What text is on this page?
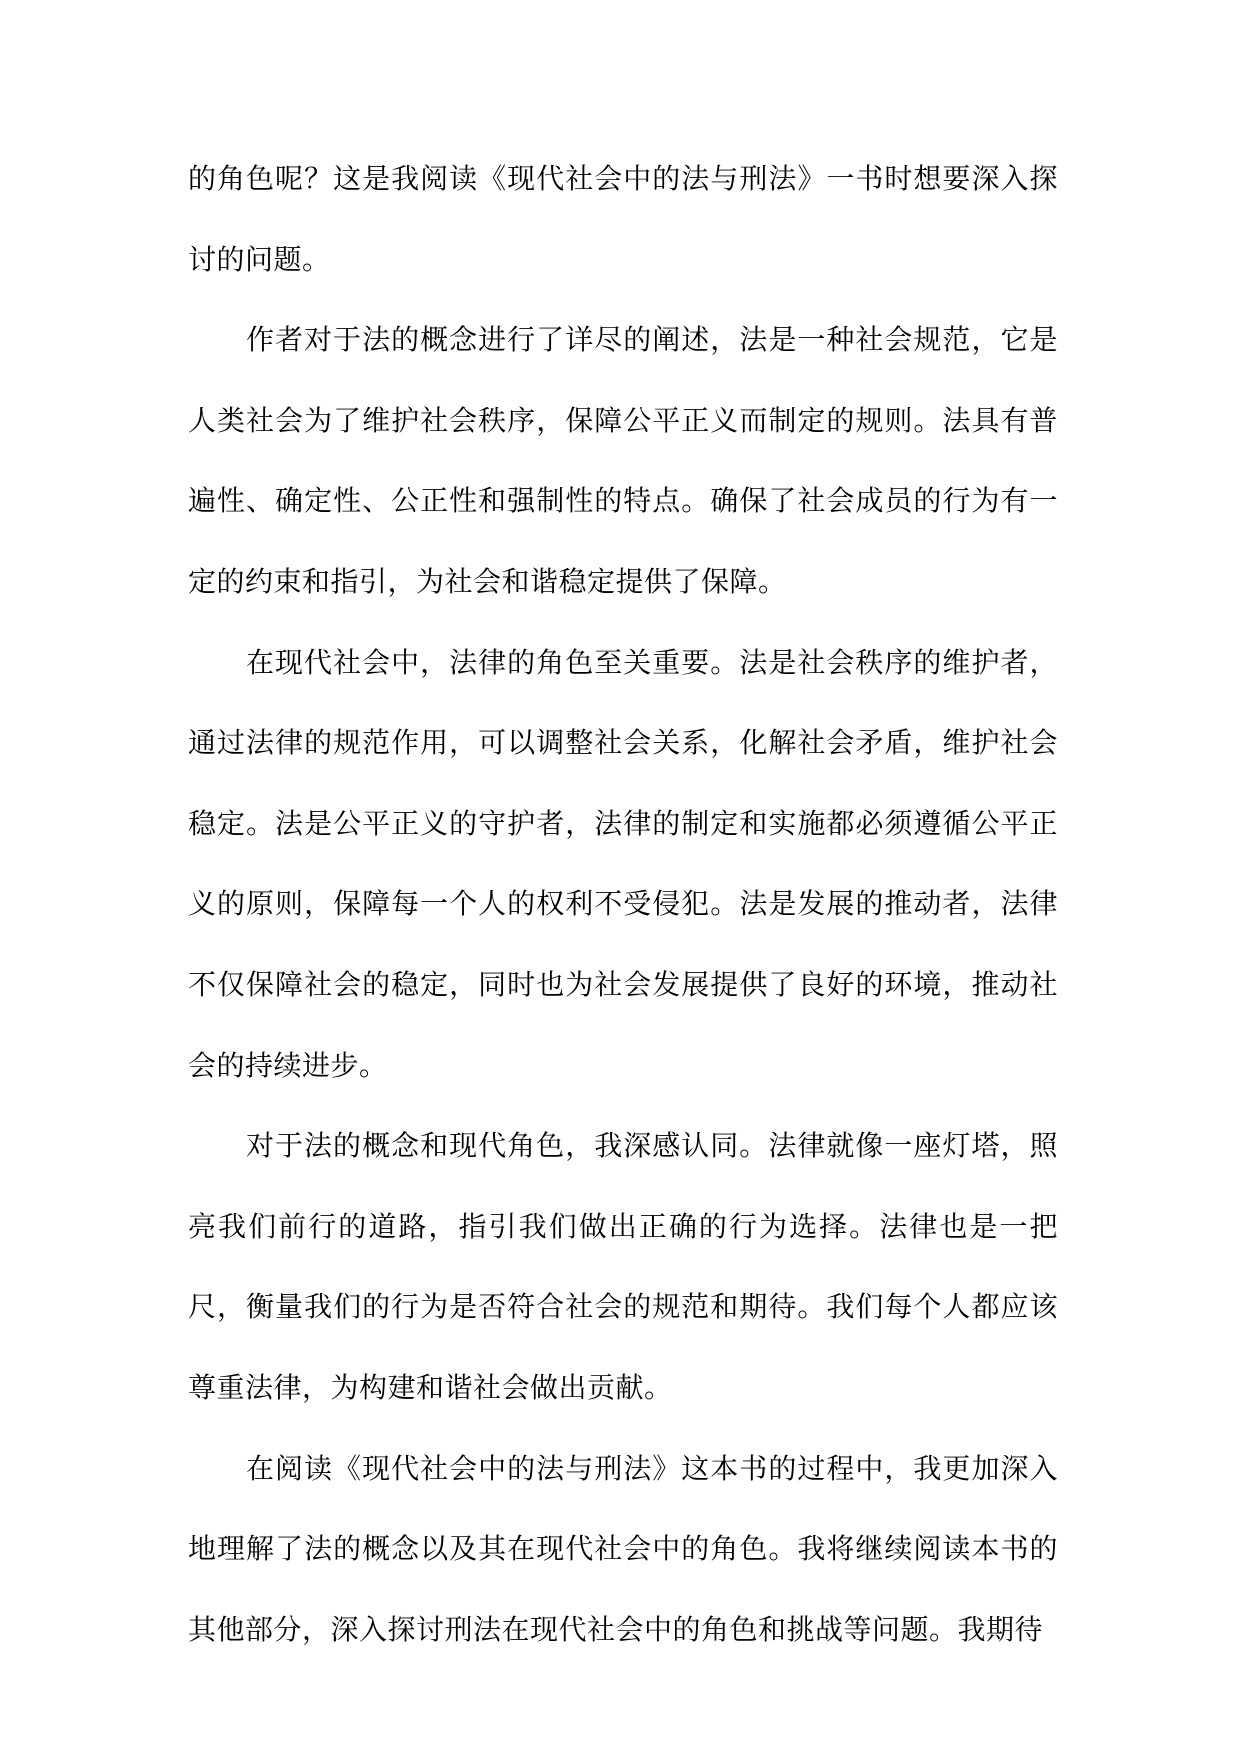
的角色呢？这是我阅读《现代社会中的法与刑法》一书时想要深入探讨的问题。

作者对于法的概念进行了详尽的阐述，法是一种社会规范，它是人类社会为了维护社会秩序，保障公平正义而制定的规则。法具有普遍性、确定性、公正性和强制性的特点。确保了社会成员的行为有一定的约束和指引，为社会和谐稳定提供了保障。

在现代社会中，法律的角色至关重要。法是社会秩序的维护者，通过法律的规范作用，可以调整社会关系，化解社会矛盾，维护社会稳定。法是公平正义的守护者，法律的制定和实施都必须遵循公平正义的原则，保障每一个人的权利不受侵犯。法是发展的推动者，法律不仅保障社会的稳定，同时也为社会发展提供了良好的环境，推动社会的持续进步。

对于法的概念和现代角色，我深感认同。法律就像一座灯塔，照亮我们前行的道路，指引我们做出正确的行为选择。法律也是一把尺，衡量我们的行为是否符合社会的规范和期待。我们每个人都应该尊重法律，为构建和谐社会做出贡献。

在阅读《现代社会中的法与刑法》这本书的过程中，我更加深入地理解了法的概念以及其在现代社会中的角色。我将继续阅读本书的其他部分，深入探讨刑法在现代社会中的角色和挑战等问题。我期待
